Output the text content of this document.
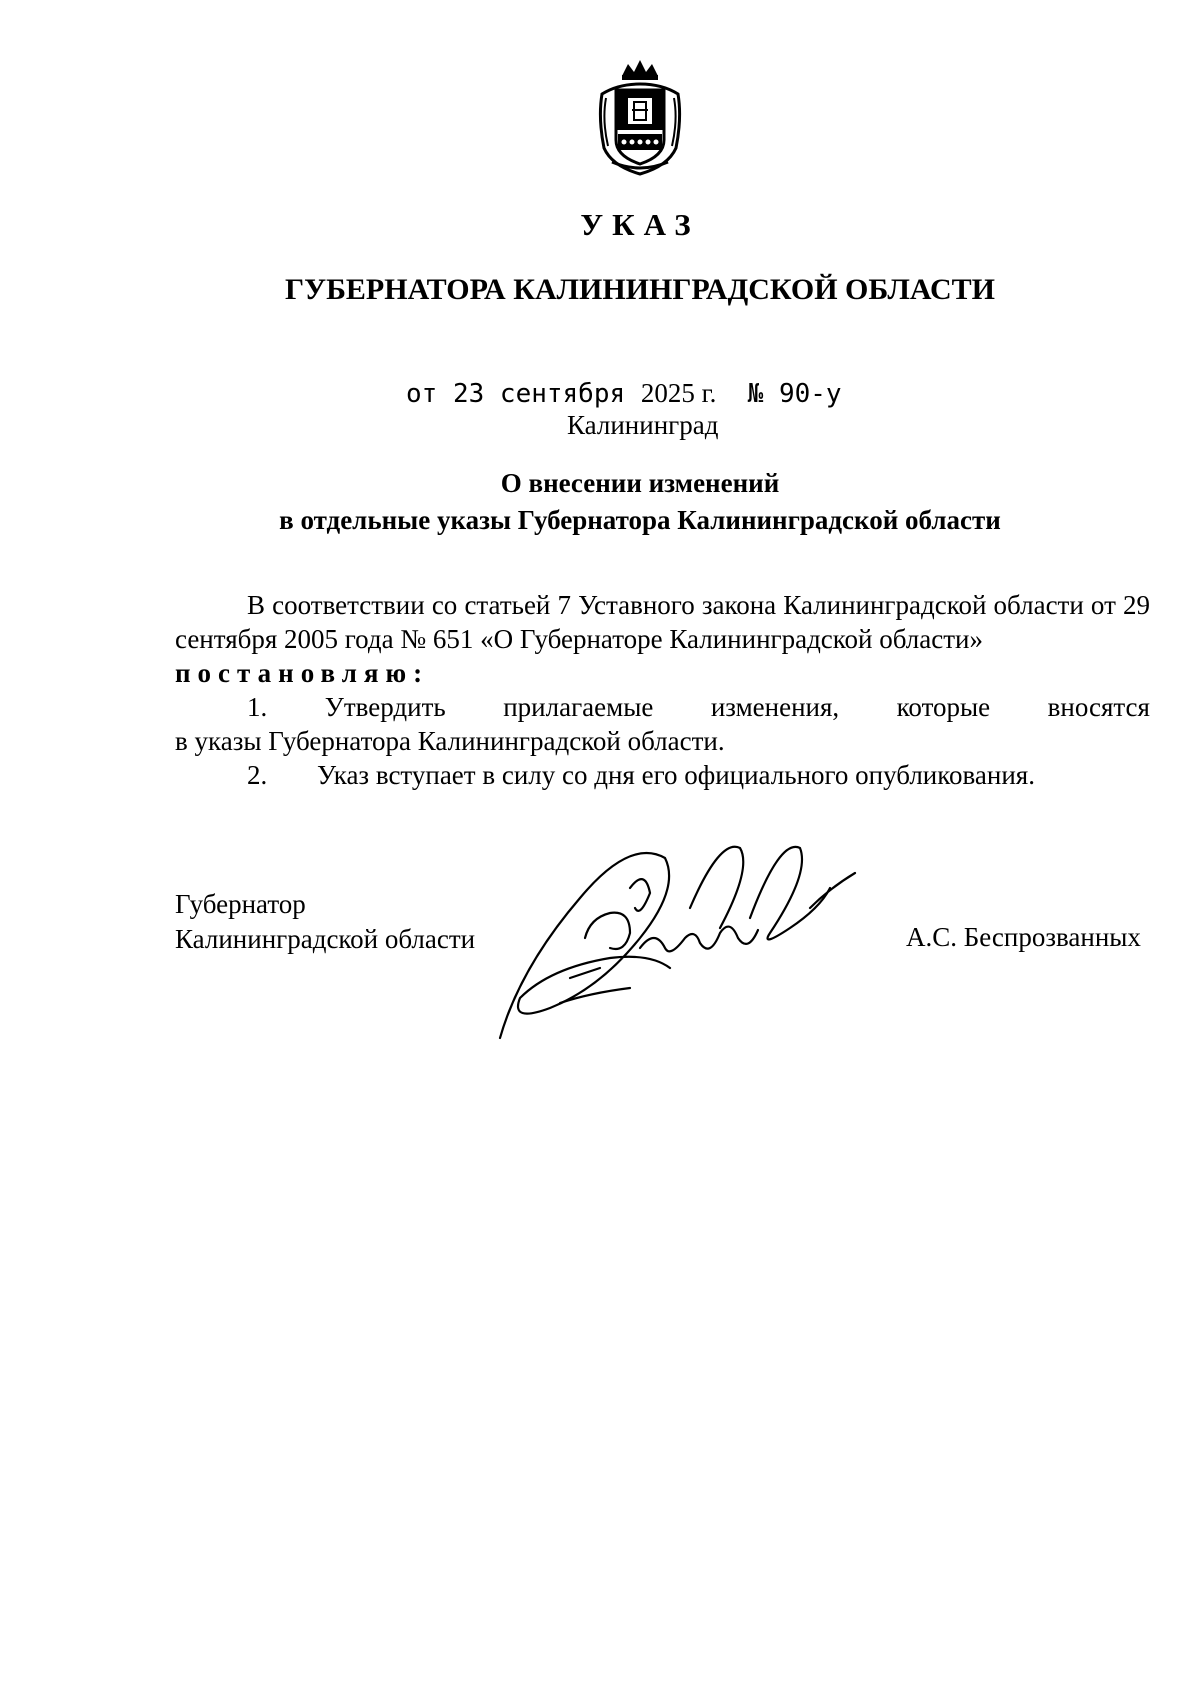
УКАЗ
ГУБЕРНАТОРА КАЛИНИНГРАДСКОЙ ОБЛАСТИ
от 23 сентября 2025 г. № 90-у
Калининград
О внесении изменений
в отдельные указы Губернатора Калининградской области

В соответствии со статьей 7 Уставного закона Калининградской области от 29 сентября 2005 года № 651 «О Губернаторе Калининградской области»

постановляю:

1. Утвердить прилагаемые изменения, которые вносятся

в указы Губернатора Калининградской области.

2. Указ вступает в силу со дня его официального опубликования.

Губернатор
Калининградской области	А.С. Беспрозванных
